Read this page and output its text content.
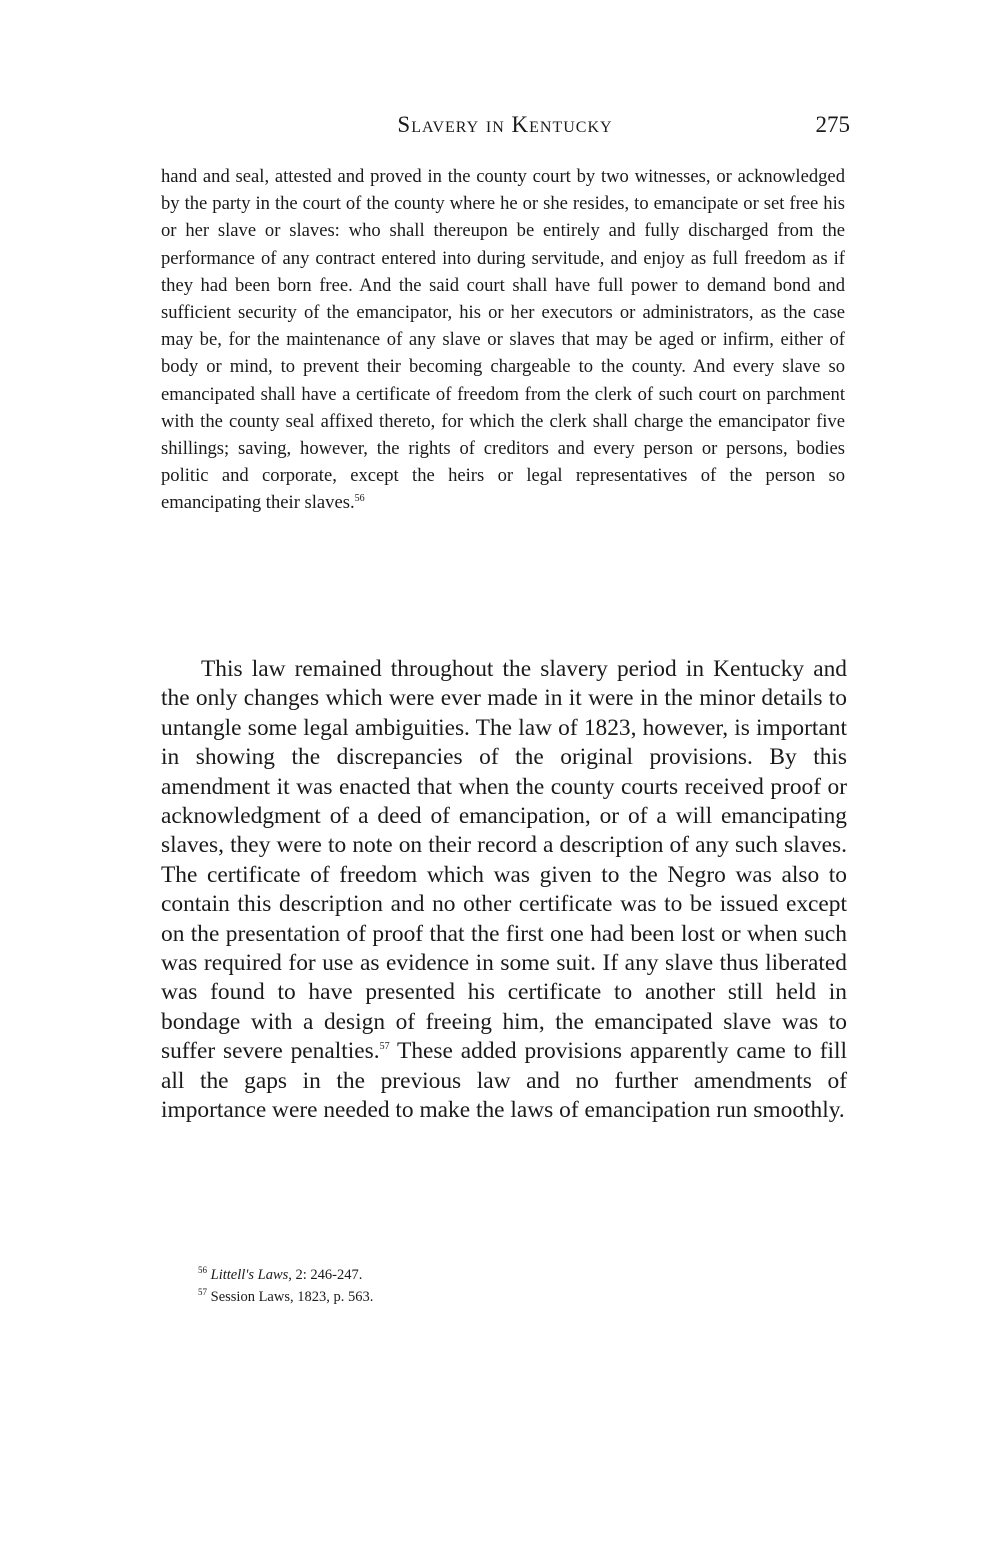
Slavery in Kentucky	275
hand and seal, attested and proved in the county court by two witnesses, or acknowledged by the party in the court of the county where he or she resides, to emancipate or set free his or her slave or slaves: who shall thereupon be entirely and fully discharged from the performance of any contract entered into during servitude, and enjoy as full freedom as if they had been born free. And the said court shall have full power to demand bond and sufficient security of the emancipator, his or her executors or administrators, as the case may be, for the maintenance of any slave or slaves that may be aged or infirm, either of body or mind, to prevent their becoming chargeable to the county. And every slave so emancipated shall have a certificate of freedom from the clerk of such court on parchment with the county seal affixed thereto, for which the clerk shall charge the emancipator five shillings; saving, however, the rights of creditors and every person or persons, bodies politic and corporate, except the heirs or legal representatives of the person so emancipating their slaves.$^{56}$
This law remained throughout the slavery period in Kentucky and the only changes which were ever made in it were in the minor details to untangle some legal ambiguities. The law of 1823, however, is important in showing the discrepancies of the original provisions. By this amendment it was enacted that when the county courts received proof or acknowledgment of a deed of emancipation, or of a will emancipating slaves, they were to note on their record a description of any such slaves. The certificate of freedom which was given to the Negro was also to contain this description and no other certificate was to be issued except on the presentation of proof that the first one had been lost or when such was required for use as evidence in some suit. If any slave thus liberated was found to have presented his certificate to another still held in bondage with a design of freeing him, the emancipated slave was to suffer severe penalties.$^{57}$ These added provisions apparently came to fill all the gaps in the previous law and no further amendments of importance were needed to make the laws of emancipation run smoothly.
$^{56}$ Littell's Laws, 2: 246-247.
$^{57}$ Session Laws, 1823, p. 563.
